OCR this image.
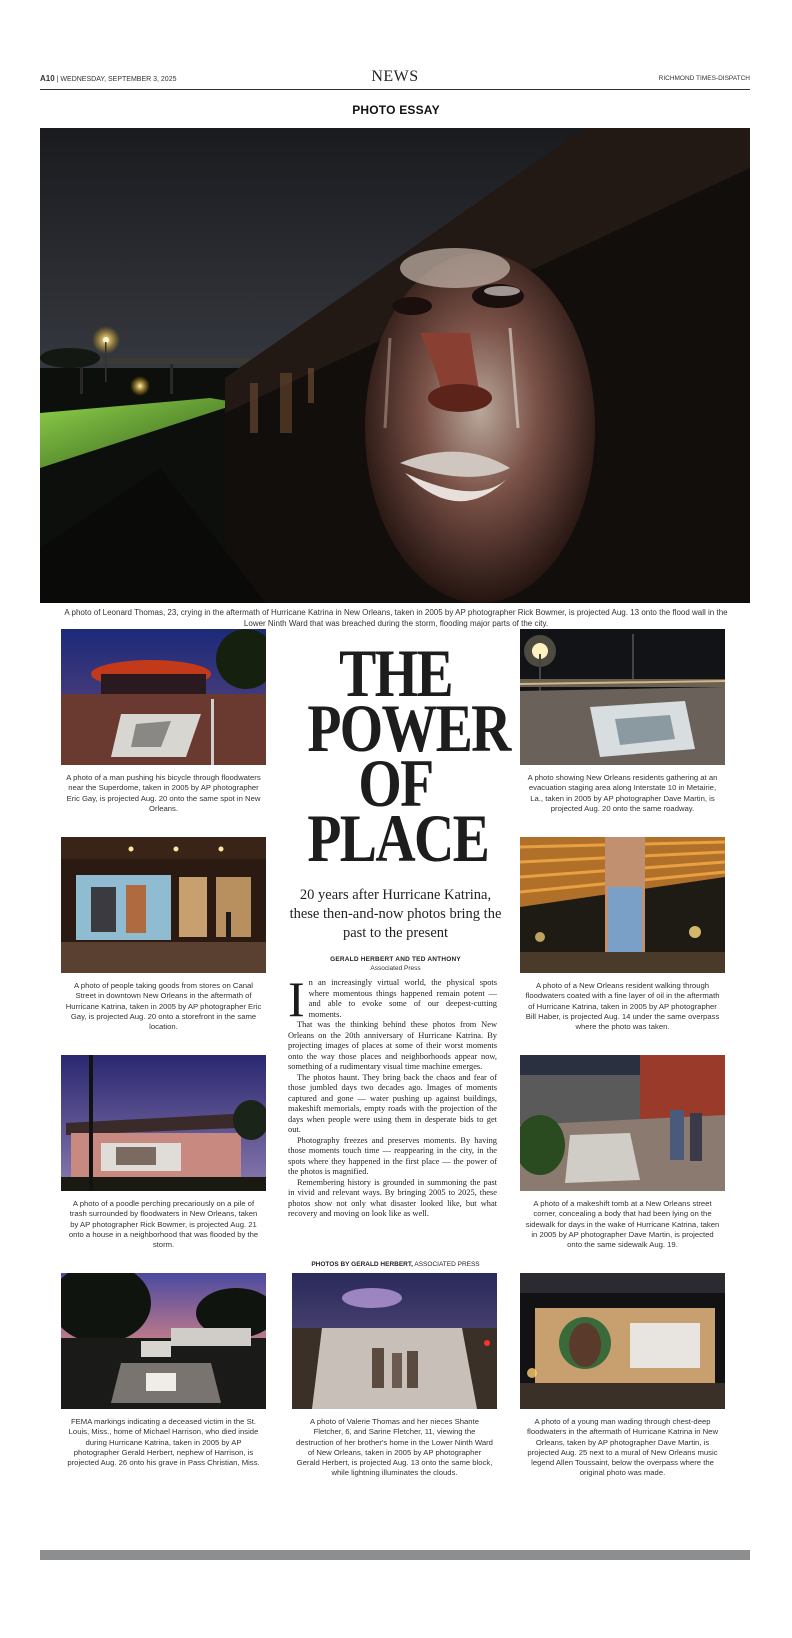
A10 | WEDNESDAY, SEPTEMBER 3, 2025	NEWS	RICHMOND TIMES-DISPATCH
PHOTO ESSAY
A photo of Leonard Thomas, 23, crying in the aftermath of Hurricane Katrina in New Orleans, taken in 2005 by AP photographer Rick Bowmer, is projected Aug. 13 onto the flood wall in the Lower Ninth Ward that was breached during the storm, flooding major parts of the city.
A photo of a man pushing his bicycle through floodwaters near the Superdome, taken in 2005 by AP photographer Eric Gay, is projected Aug. 20 onto the same spot in New Orleans.
A photo of people taking goods from stores on Canal Street in downtown New Orleans in the aftermath of Hurricane Katrina, taken in 2005 by AP photographer Eric Gay, is projected Aug. 20 onto a storefront in the same location.
A photo of a poodle perching precariously on a pile of trash surrounded by floodwaters in New Orleans, taken by AP photographer Rick Bowmer, is projected Aug. 21 onto a house in a neighborhood that was flooded by the storm.
FEMA markings indicating a deceased victim in the St. Louis, Miss., home of Michael Harrison, who died inside during Hurricane Katrina, taken in 2005 by AP photographer Gerald Herbert, nephew of Harrison, is projected Aug. 26 onto his grave in Pass Christian, Miss.
A photo showing New Orleans residents gathering at an evacuation staging area along Interstate 10 in Metairie, La., taken in 2005 by AP photographer Dave Martin, is projected Aug. 20 onto the same roadway.
A photo of a New Orleans resident walking through floodwaters coated with a fine layer of oil in the aftermath of Hurricane Katrina, taken in 2005 by AP photographer Bill Haber, is projected Aug. 14 under the same overpass where the photo was taken.
A photo of a makeshift tomb at a New Orleans street corner, concealing a body that had been lying on the sidewalk for days in the wake of Hurricane Katrina, taken in 2005 by AP photographer Dave Martin, is projected onto the same sidewalk Aug. 19.
A photo of a young man wading through chest-deep floodwaters in the aftermath of Hurricane Katrina in New Orleans, taken by AP photographer Dave Martin, is projected Aug. 25 next to a mural of New Orleans music legend Allen Toussaint, below the overpass where the original photo was made.
A photo of Valerie Thomas and her nieces Shante Fletcher, 6, and Sarine Fletcher, 11, viewing the destruction of her brother's home in the Lower Ninth Ward of New Orleans, taken in 2005 by AP photographer Gerald Herbert, is projected Aug. 13 onto the same block, while lightning illuminates the clouds.
THE
POWER
OF
PLACE
20 years after Hurricane Katrina, these then-and-now photos bring the past to the present
GERALD HERBERT AND TED ANTHONY
Associated Press

In an increasingly virtual world, the physical spots where momentous things happened remain potent — and able to evoke some of our deepest-cutting moments.

That was the thinking behind these photos from New Orleans on the 20th anniversary of Hurricane Katrina. By projecting images of places at some of their worst moments onto the way those places and neighborhoods appear now, something of a rudimentary visual time machine emerges.

The photos haunt. They bring back the chaos and fear of those jumbled days two decades ago. Images of moments captured and gone — water pushing up against buildings, makeshift memorials, empty roads with the projection of the days when people were using them in desperate bids to get out.

Photography freezes and preserves moments. By having those moments touch time — reappearing in the city, in the spots where they happened in the first place — the power of the photos is magnified.

Remembering history is grounded in summoning the past in vivid and relevant ways. By bringing 2005 to 2025, these photos show not only what disaster looked like, but what recovery and moving on look like as well.

PHOTOS BY GERALD HERBERT, ASSOCIATED PRESS
